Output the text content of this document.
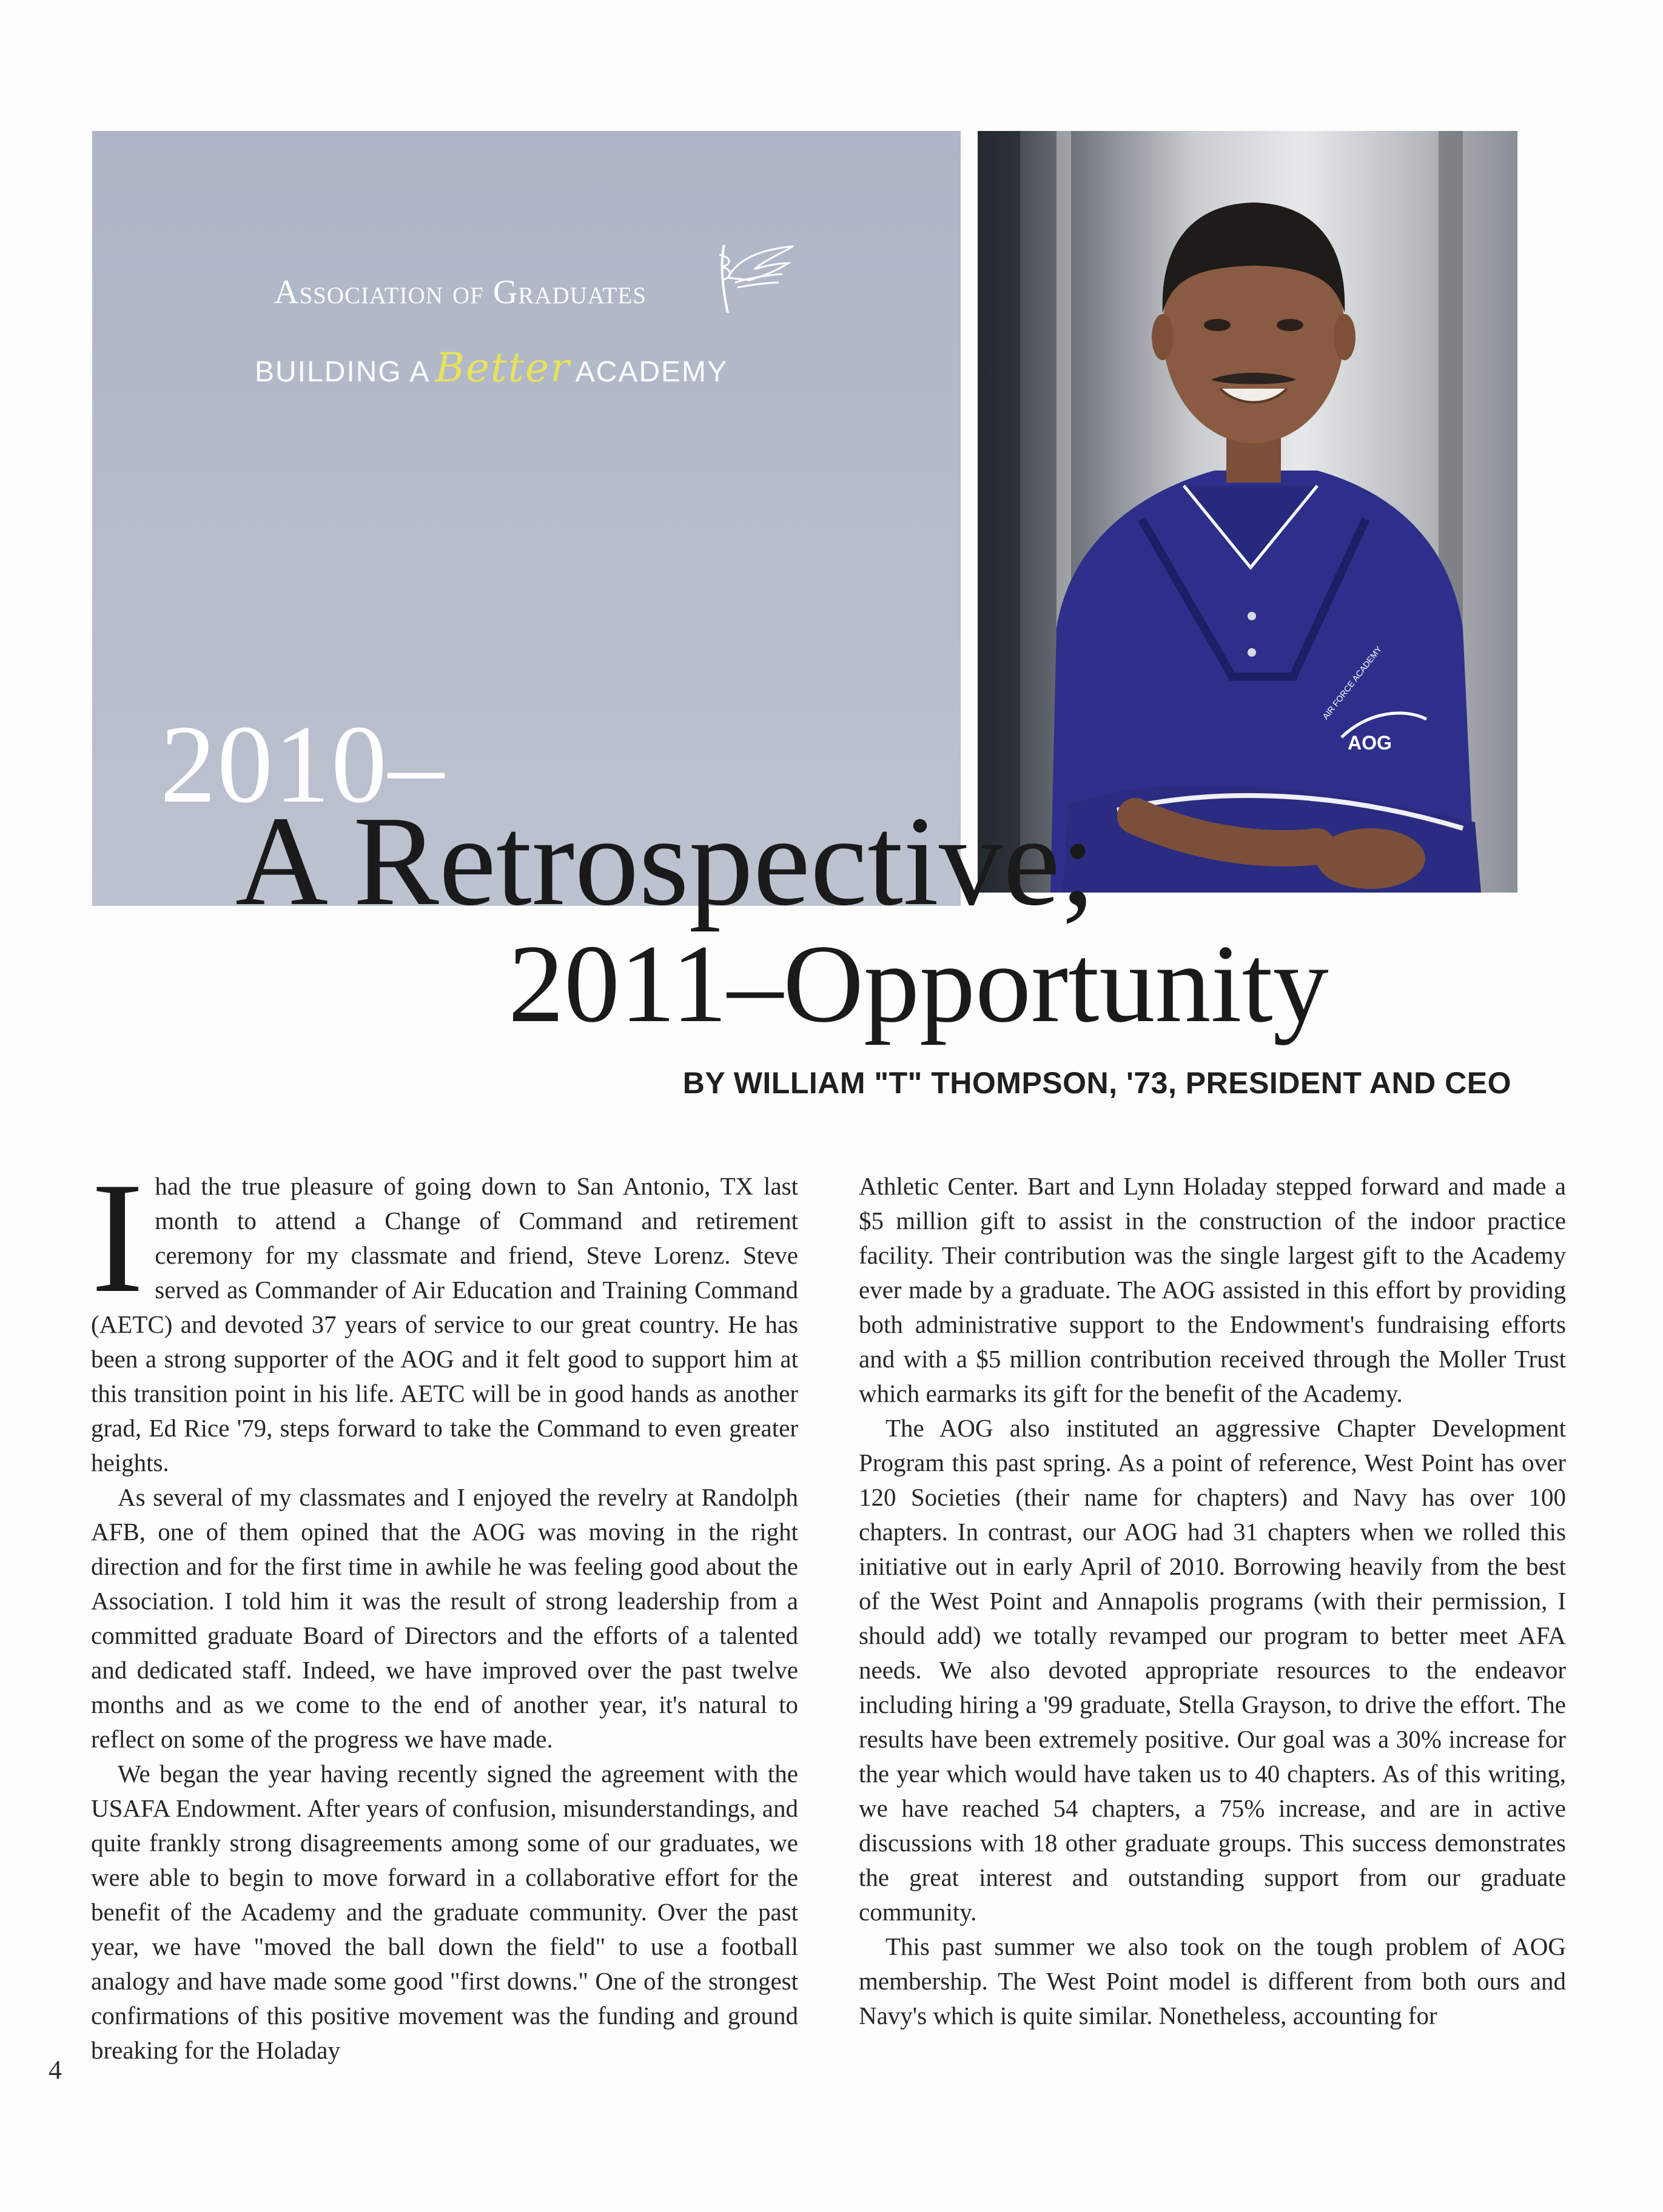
Association of Graduates
BUILDING A Better ACADEMY
AOG
AIR FORCE ACADEMY
2010–
A Retrospective;
2011–Opportunity
BY WILLIAM "T" THOMPSON, '73, PRESIDENT AND CEO

Ihad the true pleasure of going down to San Antonio, TX last month to attend a Change of Command and retirement ceremony for my classmate and friend, Steve Lorenz. Steve served as Commander of Air Education and Training Command (AETC) and devoted 37 years of service to our great country. He has been a strong supporter of the AOG and it felt good to support him at this transition point in his life. AETC will be in good hands as another grad, Ed Rice '79, steps forward to take the Command to even greater heights.

As several of my classmates and I enjoyed the revelry at Randolph AFB, one of them opined that the AOG was moving in the right direction and for the first time in awhile he was feeling good about the Association. I told him it was the result of strong leadership from a committed graduate Board of Directors and the efforts of a talented and dedicated staff. Indeed, we have improved over the past twelve months and as we come to the end of another year, it's natural to reflect on some of the progress we have made.

We began the year having recently signed the agreement with the USAFA Endowment. After years of confusion, misunderstandings, and quite frankly strong disagreements among some of our graduates, we were able to begin to move forward in a collaborative effort for the benefit of the Academy and the graduate community. Over the past year, we have "moved the ball down the field" to use a football analogy and have made some good "first downs." One of the strongest confirmations of this positive movement was the funding and ground breaking for the Holaday

Athletic Center. Bart and Lynn Holaday stepped forward and made a $5 million gift to assist in the construction of the indoor practice facility. Their contribution was the single largest gift to the Academy ever made by a graduate. The AOG assisted in this effort by providing both administrative support to the Endowment's fundraising efforts and with a $5 million contribution received through the Moller Trust which earmarks its gift for the benefit of the Academy.

The AOG also instituted an aggressive Chapter Development Program this past spring. As a point of reference, West Point has over 120 Societies (their name for chapters) and Navy has over 100 chapters. In contrast, our AOG had 31 chapters when we rolled this initiative out in early April of 2010. Borrowing heavily from the best of the West Point and Annapolis programs (with their permission, I should add) we totally revamped our program to better meet AFA needs. We also devoted appropriate resources to the endeavor including hiring a '99 graduate, Stella Grayson, to drive the effort. The results have been extremely positive. Our goal was a 30% increase for the year which would have taken us to 40 chapters. As of this writing, we have reached 54 chapters, a 75% increase, and are in active discussions with 18 other graduate groups. This success demonstrates the great interest and outstanding support from our graduate community.

This past summer we also took on the tough problem of AOG membership. The West Point model is different from both ours and Navy's which is quite similar. Nonetheless, accounting for

4
